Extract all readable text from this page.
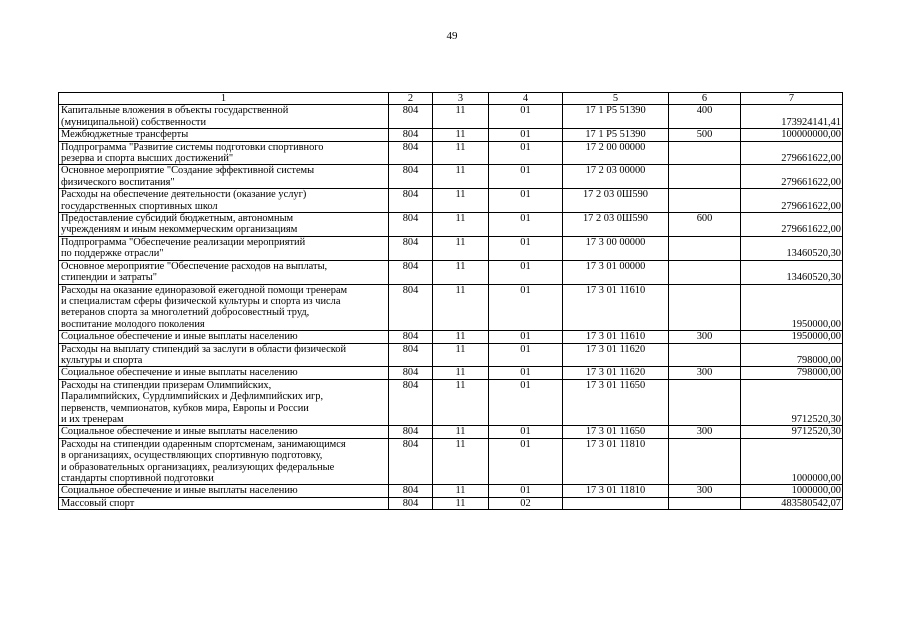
49
1	2	3	4	5	6	7
Капитальные вложения в объекты государственной
(муниципальной) собственности	804	11	01	17 1 P5 51390	400	173924141,41
Межбюджетные трансферты	804	11	01	17 1 P5 51390	500	100000000,00
Подпрограмма "Развитие системы подготовки спортивного
резерва и спорта высших достижений"	804	11	01	17 2 00 00000		279661622,00
Основное мероприятие "Создание эффективной системы
физического воспитания"	804	11	01	17 2 03 00000		279661622,00
Расходы на обеспечение деятельности (оказание услуг)
государственных спортивных школ	804	11	01	17 2 03 0Ш590		279661622,00
Предоставление субсидий бюджетным, автономным
учреждениям и иным некоммерческим организациям	804	11	01	17 2 03 0Ш590	600	279661622,00
Подпрограмма "Обеспечение реализации мероприятий
по поддержке отрасли"	804	11	01	17 3 00 00000		13460520,30
Основное мероприятие "Обеспечение расходов на выплаты,
стипендии и затраты"	804	11	01	17 3 01 00000		13460520,30
Расходы на оказание единоразовой ежегодной помощи тренерам
и специалистам сферы физической культуры и спорта из числа
ветеранов спорта за многолетний добросовестный труд,
воспитание молодого поколения	804	11	01	17 3 01 11610		1950000,00
Социальное обеспечение и иные выплаты населению	804	11	01	17 3 01 11610	300	1950000,00
Расходы на выплату стипендий за заслуги в области физической
культуры и спорта	804	11	01	17 3 01 11620		798000,00
Социальное обеспечение и иные выплаты населению	804	11	01	17 3 01 11620	300	798000,00
Расходы на стипендии призерам Олимпийских,
Паралимпийских, Сурдлимпийских и Дефлимпийских игр,
первенств, чемпионатов, кубков мира, Европы и России
и их тренерам	804	11	01	17 3 01 11650		9712520,30
Социальное обеспечение и иные выплаты населению	804	11	01	17 3 01 11650	300	9712520,30
Расходы на стипендии одаренным спортсменам, занимающимся
в организациях, осуществляющих спортивную подготовку,
и образовательных организациях, реализующих федеральные
стандарты спортивной подготовки	804	11	01	17 3 01 11810		1000000,00
Социальное обеспечение и иные выплаты населению	804	11	01	17 3 01 11810	300	1000000,00
Массовый спорт	804	11	02			483580542,07
